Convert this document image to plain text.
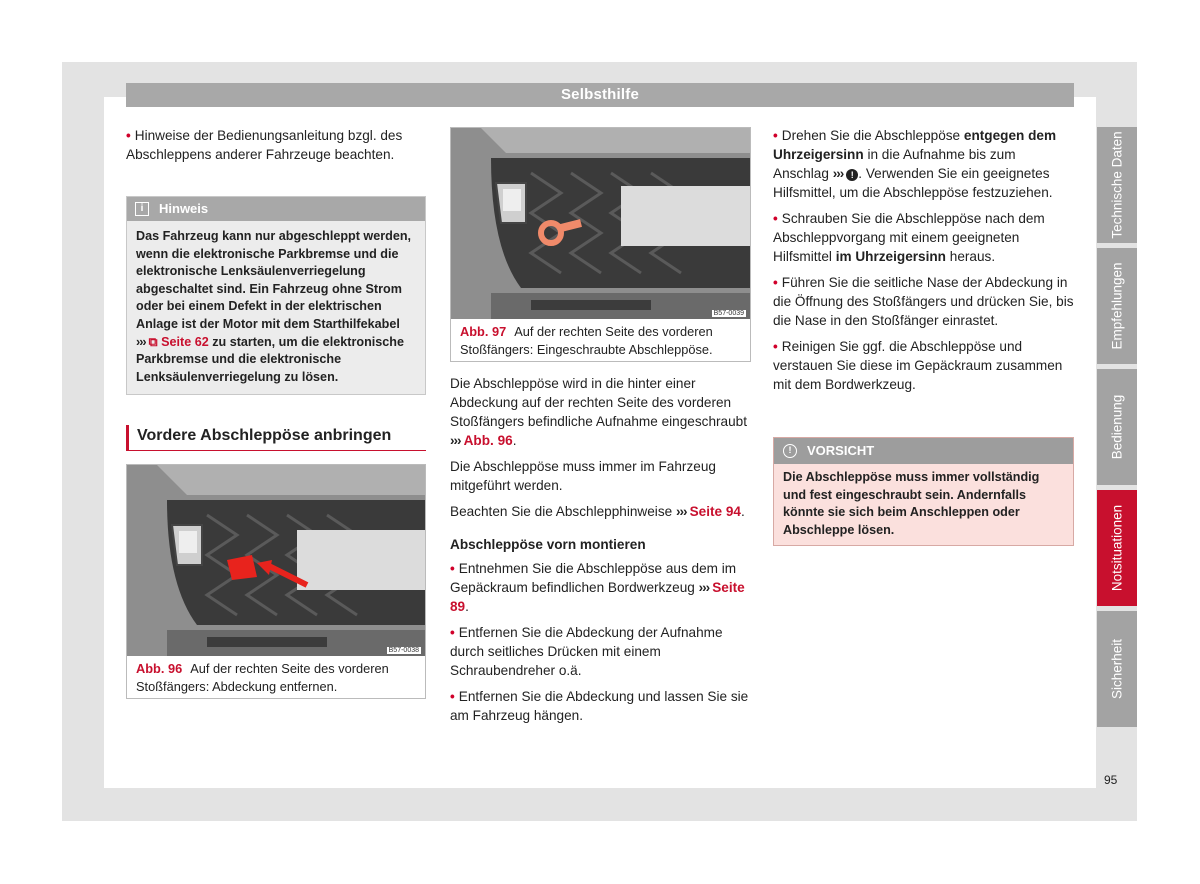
Selbsthilfe

• Hinweise der Bedienungsanleitung bzgl. des Abschleppens anderer Fahrzeuge beachten.

i	Hinweis
Das Fahrzeug kann nur abgeschleppt werden, wenn die elektronische Parkbremse und die elektronische Lenksäulenverriegelung abgeschaltet sind. Ein Fahrzeug ohne Strom oder bei einem Defekt in der elektrischen Anlage ist der Motor mit dem Starthilfekabel ››› ⧉ Seite 62 zu starten, um die elektronische Parkbremse und die elektronische Lenksäulenverriegelung zu lösen.
Vordere Abschleppöse anbringen
B57-0038
Abb. 96 Auf der rechten Seite des vorderen Stoßfängers: Abdeckung entfernen.
B57-0039
Abb. 97 Auf der rechten Seite des vorderen Stoßfängers: Eingeschraubte Abschleppöse.

Die Abschleppöse wird in die hinter einer Abdeckung auf der rechten Seite des vorderen Stoßfängers befindliche Aufnahme eingeschraubt ››› Abb. 96.

Die Abschleppöse muss immer im Fahrzeug mitgeführt werden.

Beachten Sie die Abschlepphinweise ››› Seite 94.

Abschleppöse vorn montieren

• Entnehmen Sie die Abschleppöse aus dem im Gepäckraum befindlichen Bordwerkzeug ››› Seite 89.

• Entfernen Sie die Abdeckung der Aufnahme durch seitliches Drücken mit einem Schraubendreher o.ä.

• Entfernen Sie die Abdeckung und lassen Sie sie am Fahrzeug hängen.

• Drehen Sie die Abschleppöse entgegen dem Uhrzeigersinn in die Aufnahme bis zum Anschlag ››› ! . Verwenden Sie ein geeignetes Hilfsmittel, um die Abschleppöse festzuziehen.

• Schrauben Sie die Abschleppöse nach dem Abschleppvorgang mit einem geeigneten Hilfsmittel im Uhrzeigersinn heraus.

• Führen Sie die seitliche Nase der Abdeckung in die Öffnung des Stoßfängers und drücken Sie, bis die Nase in den Stoßfänger einrastet.

• Reinigen Sie ggf. die Abschleppöse und verstauen Sie diese im Gepäckraum zusammen mit dem Bordwerkzeug.

!	VORSICHT
Die Abschleppöse muss immer vollständig und fest eingeschraubt sein. Andernfalls könnte sie sich beim Anschleppen oder Abschleppe lösen.
Technische Daten
Empfehlungen
Bedienung
Notsituationen
Sicherheit
95
